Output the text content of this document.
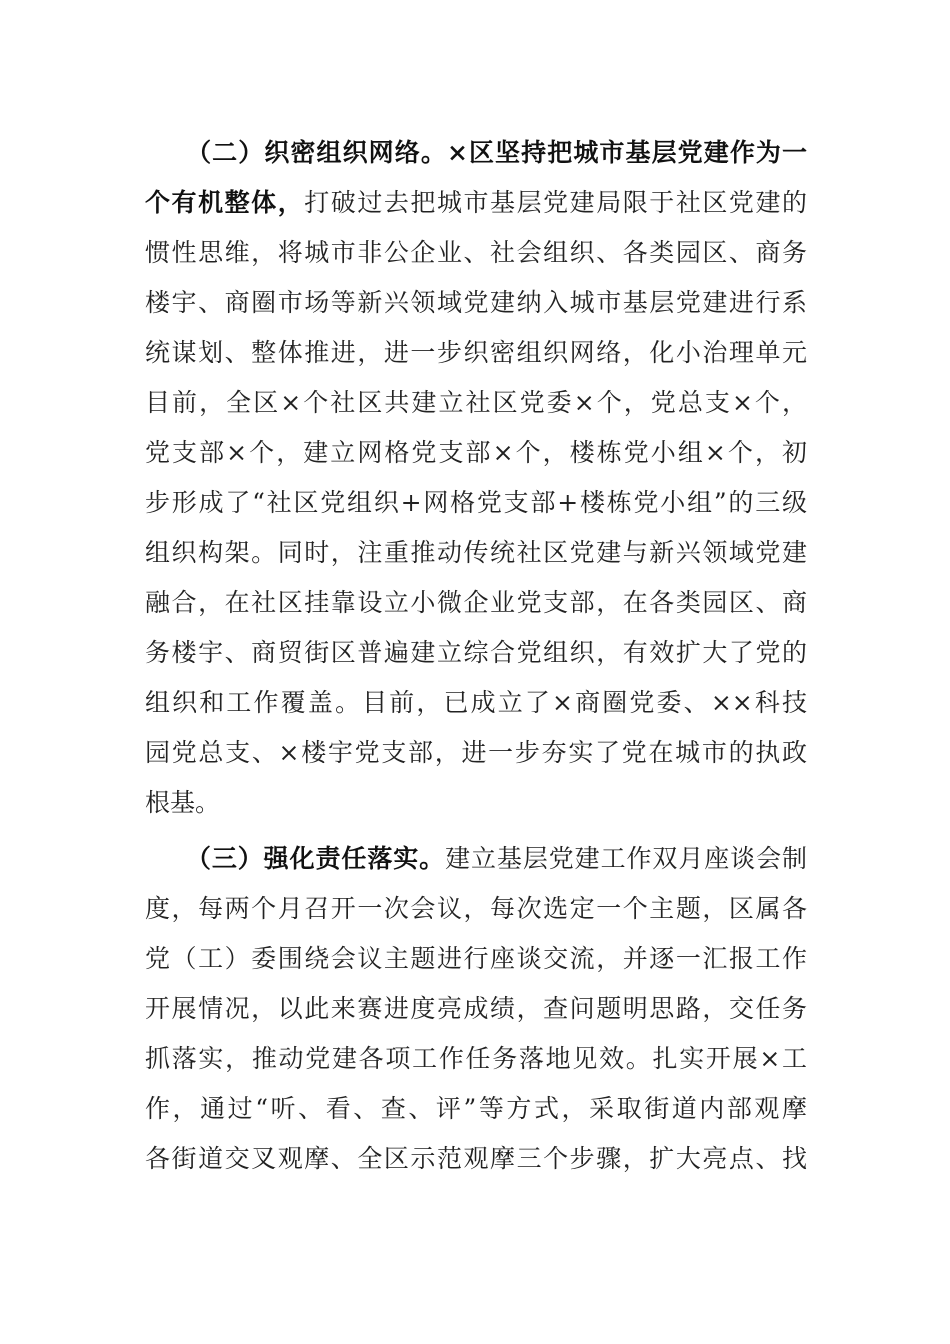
（二）织密组织网络。×区坚持把城市基层党建作为一
个有机整体，打破过去把城市基层党建局限于社区党建的
惯性思维，将城市非公企业、社会组织、各类园区、商务
楼宇、商圈市场等新兴领域党建纳入城市基层党建进行系
统谋划、整体推进，进一步织密组织网络，化小治理单元
目前，全区×个社区共建立社区党委×个，党总支×个，
党支部×个，建立网格党支部×个，楼栋党小组×个，初
步形成了“社区党组织+网格党支部+楼栋党小组”的三级
组织构架。同时，注重推动传统社区党建与新兴领域党建
融合，在社区挂靠设立小微企业党支部，在各类园区、商
务楼宇、商贸街区普遍建立综合党组织，有效扩大了党的
组织和工作覆盖。目前，已成立了×商圈党委、××科技
园党总支、×楼宇党支部，进一步夯实了党在城市的执政
根基。
（三）强化责任落实。建立基层党建工作双月座谈会制
度，每两个月召开一次会议，每次选定一个主题，区属各
党（工）委围绕会议主题进行座谈交流，并逐一汇报工作
开展情况，以此来赛进度亮成绩，查问题明思路，交任务
抓落实，推动党建各项工作任务落地见效。扎实开展×工
作，通过“听、看、查、评”等方式，采取街道内部观摩
各街道交叉观摩、全区示范观摩三个步骤，扩大亮点、找
